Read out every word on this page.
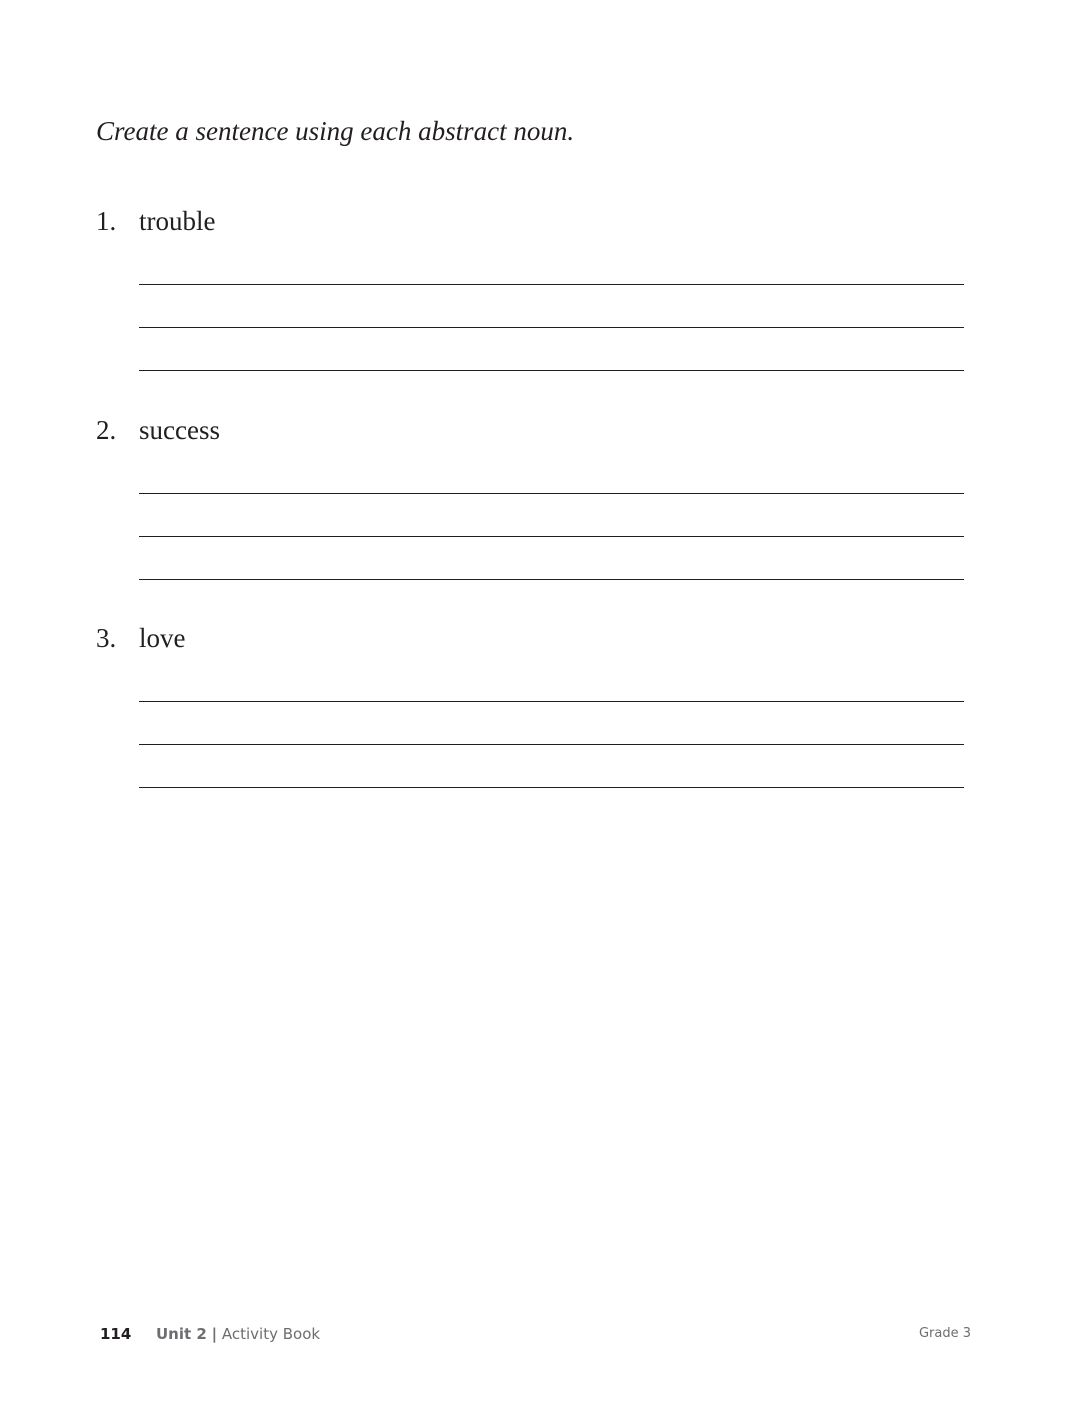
Create a sentence using each abstract noun.

1. trouble
2. success
3. love
114 Unit 2 | Activity Book	Grade 3
